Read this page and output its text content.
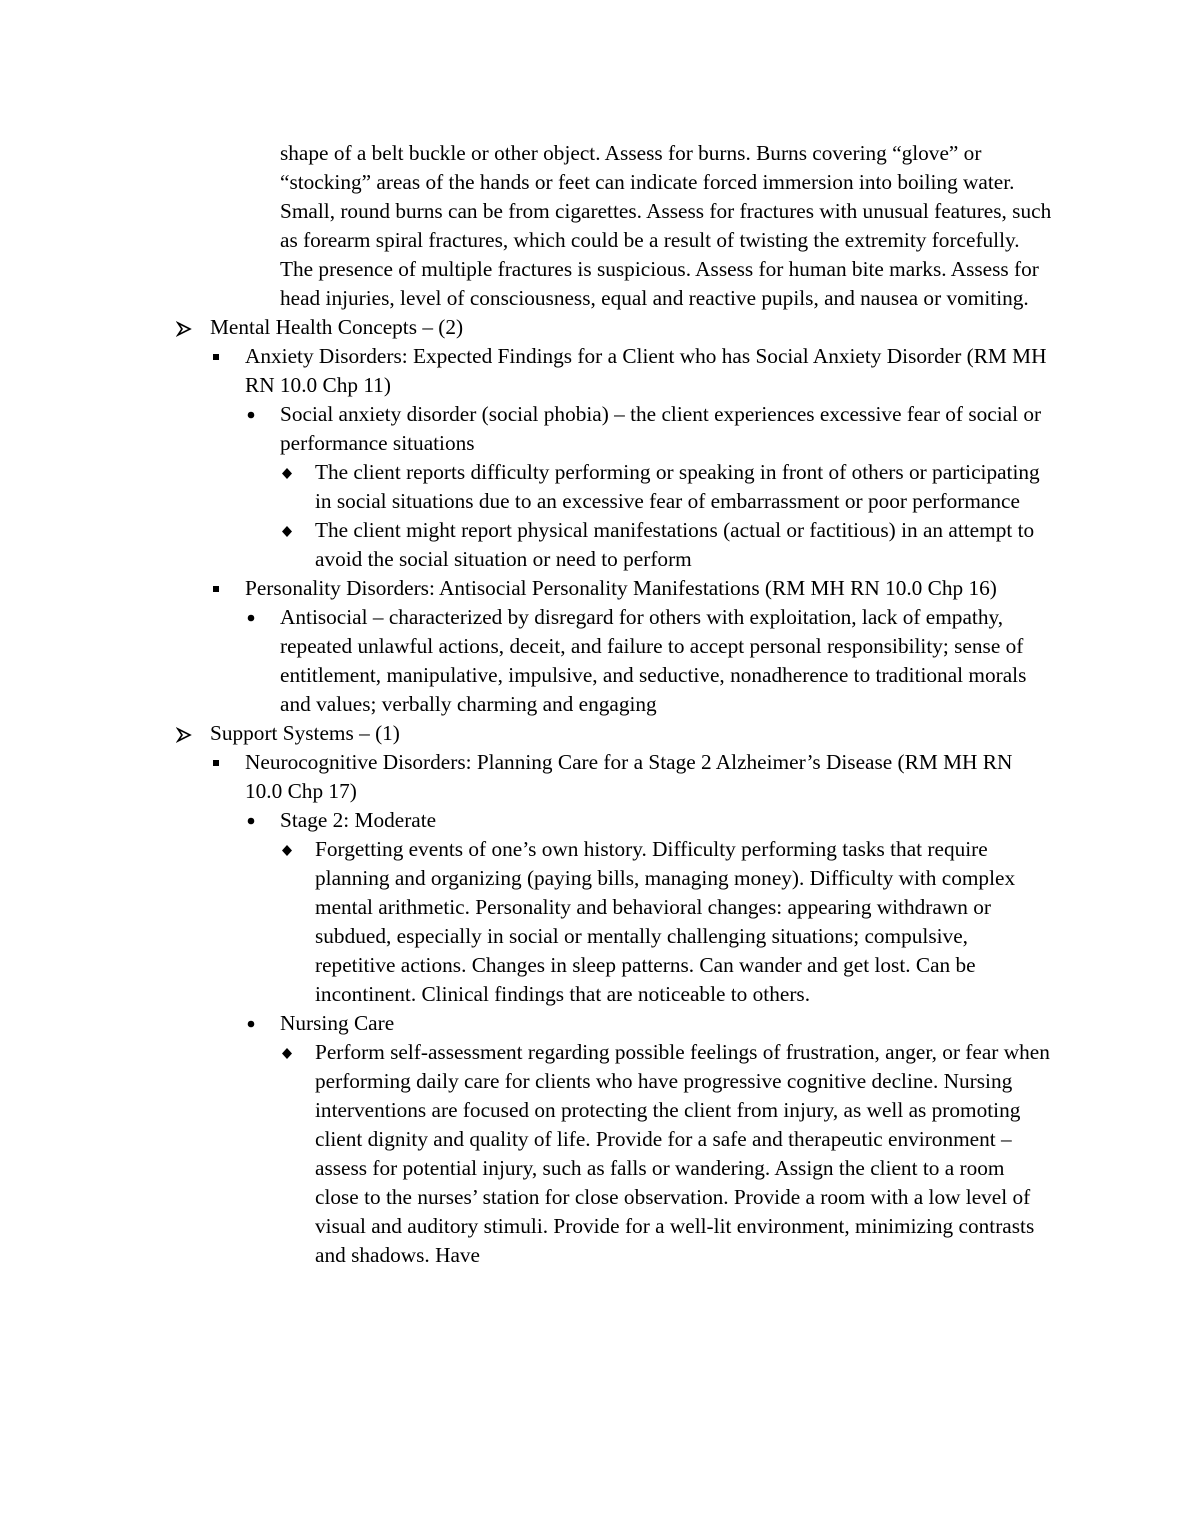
shape of a belt buckle or other object. Assess for burns. Burns covering “glove” or “stocking” areas of the hands or feet can indicate forced immersion into boiling water. Small, round burns can be from cigarettes. Assess for fractures with unusual features, such as forearm spiral fractures, which could be a result of twisting the extremity forcefully. The presence of multiple fractures is suspicious. Assess for human bite marks. Assess for head injuries, level of consciousness, equal and reactive pupils, and nausea or vomiting.
Mental Health Concepts – (2)
Anxiety Disorders: Expected Findings for a Client who has Social Anxiety Disorder (RM MH RN 10.0 Chp 11)
Social anxiety disorder (social phobia) – the client experiences excessive fear of social or performance situations
The client reports difficulty performing or speaking in front of others or participating in social situations due to an excessive fear of embarrassment or poor performance
The client might report physical manifestations (actual or factitious) in an attempt to avoid the social situation or need to perform
Personality Disorders: Antisocial Personality Manifestations (RM MH RN 10.0 Chp 16)
Antisocial – characterized by disregard for others with exploitation, lack of empathy, repeated unlawful actions, deceit, and failure to accept personal responsibility; sense of entitlement, manipulative, impulsive, and seductive, nonadherence to traditional morals and values; verbally charming and engaging
Support Systems – (1)
Neurocognitive Disorders: Planning Care for a Stage 2 Alzheimer’s Disease (RM MH RN 10.0 Chp 17)
Stage 2: Moderate
Forgetting events of one’s own history. Difficulty performing tasks that require planning and organizing (paying bills, managing money). Difficulty with complex mental arithmetic. Personality and behavioral changes: appearing withdrawn or subdued, especially in social or mentally challenging situations; compulsive, repetitive actions. Changes in sleep patterns. Can wander and get lost. Can be incontinent. Clinical findings that are noticeable to others.
Nursing Care
Perform self-assessment regarding possible feelings of frustration, anger, or fear when performing daily care for clients who have progressive cognitive decline. Nursing interventions are focused on protecting the client from injury, as well as promoting client dignity and quality of life. Provide for a safe and therapeutic environment – assess for potential injury, such as falls or wandering. Assign the client to a room close to the nurses’ station for close observation. Provide a room with a low level of visual and auditory stimuli. Provide for a well-lit environment, minimizing contrasts and shadows. Have
